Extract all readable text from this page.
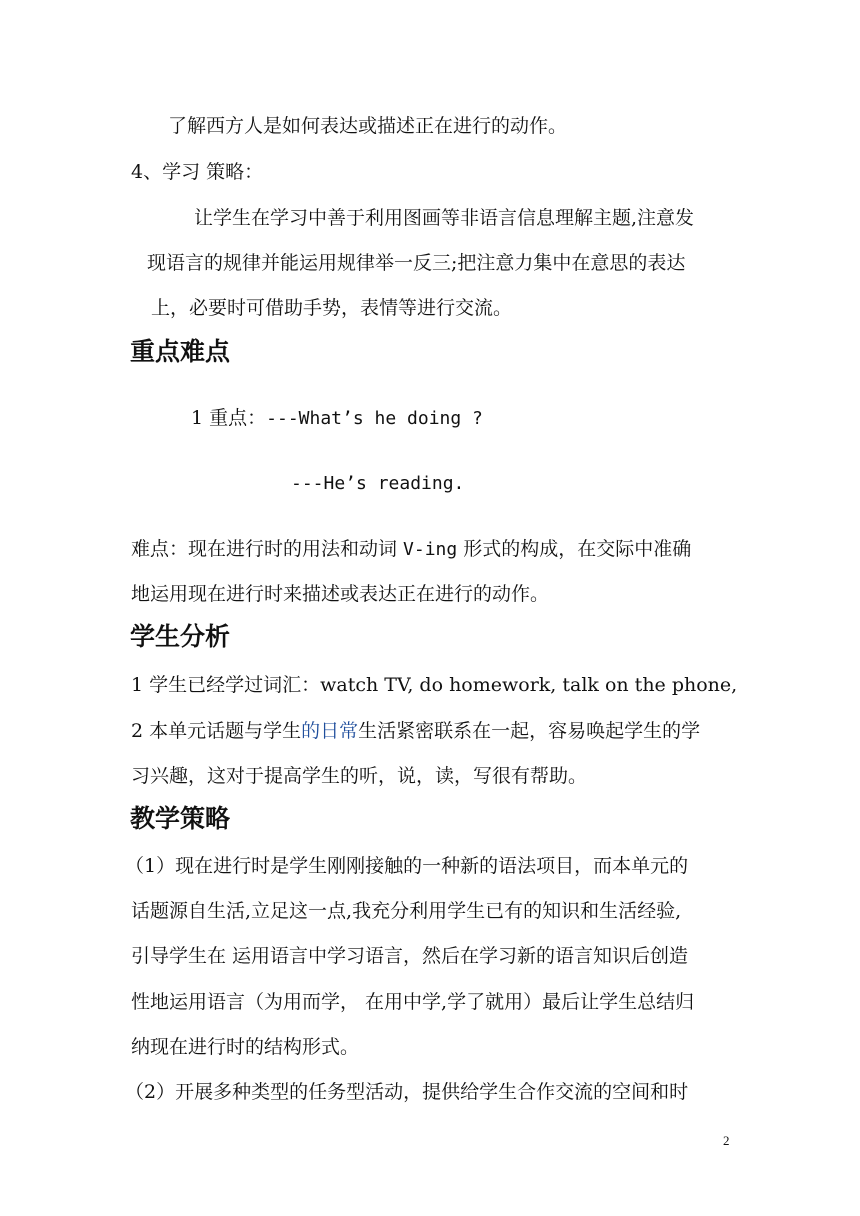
了解西方人是如何表达或描述正在进行的动作。
4、学习 策略：
让学生在学习中善于利用图画等非语言信息理解主题,注意发
现语言的规律并能运用规律举一反三;把注意力集中在意思的表达
上，必要时可借助手势，表情等进行交流。
重点难点
1 重点：---What’s he doing ?
---He’s reading.
难点：现在进行时的用法和动词 V-ing 形式的构成，在交际中准确
地运用现在进行时来描述或表达正在进行的动作。
学生分析
1 学生已经学过词汇：watch TV, do homework, talk on the phone,
2 本单元话题与学生的日常生活紧密联系在一起，容易唤起学生的学
习兴趣，这对于提高学生的听，说，读，写很有帮助。
教学策略
（1）现在进行时是学生刚刚接触的一种新的语法项目，而本单元的
话题源自生活,立足这一点,我充分利用学生已有的知识和生活经验,
引导学生在 运用语言中学习语言，然后在学习新的语言知识后创造
性地运用语言（为用而学， 在用中学,学了就用）最后让学生总结归
纳现在进行时的结构形式。
（2）开展多种类型的任务型活动，提供给学生合作交流的空间和时
2
